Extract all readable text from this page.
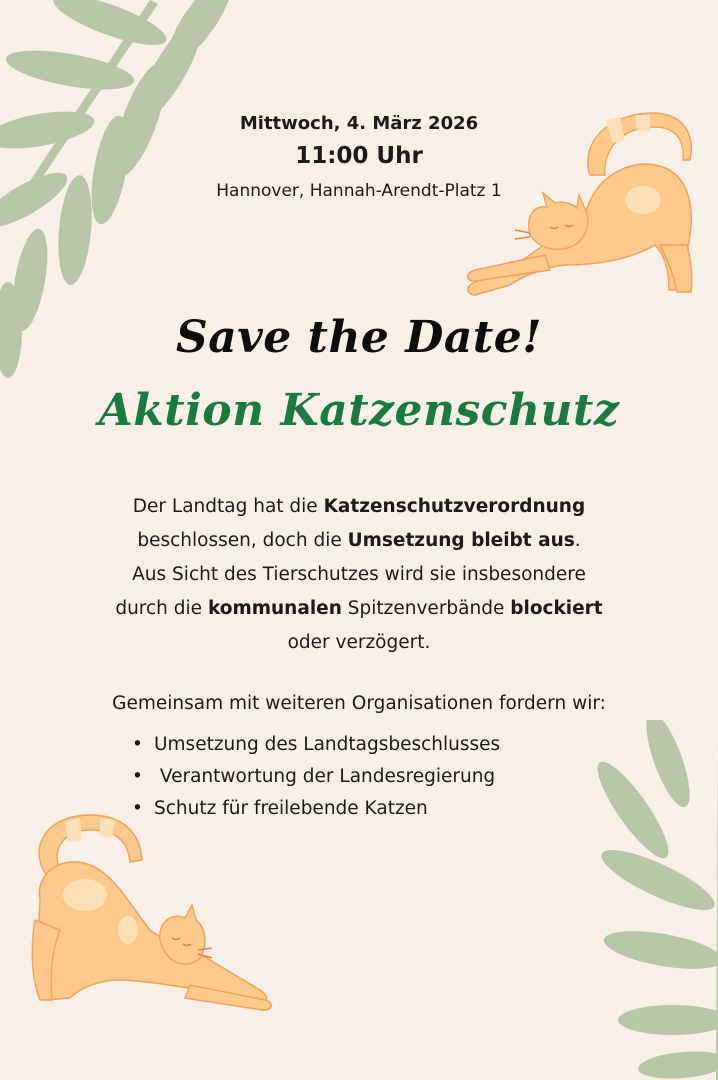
Mittwoch, 4. März 2026
11:00 Uhr
Hannover, Hannah-Arendt-Platz 1
Save the Date!
Aktion Katzenschutz
Der Landtag hat die Katzenschutzverordnung
beschlossen, doch die Umsetzung bleibt aus.
Aus Sicht des Tierschutzes wird sie insbesondere
durch die kommunalen Spitzenverbände blockiert
oder verzögert.
Gemeinsam mit weiteren Organisationen fordern wir:
• Umsetzung des Landtagsbeschlusses
• Verantwortung der Landesregierung
• Schutz für freilebende Katzen
